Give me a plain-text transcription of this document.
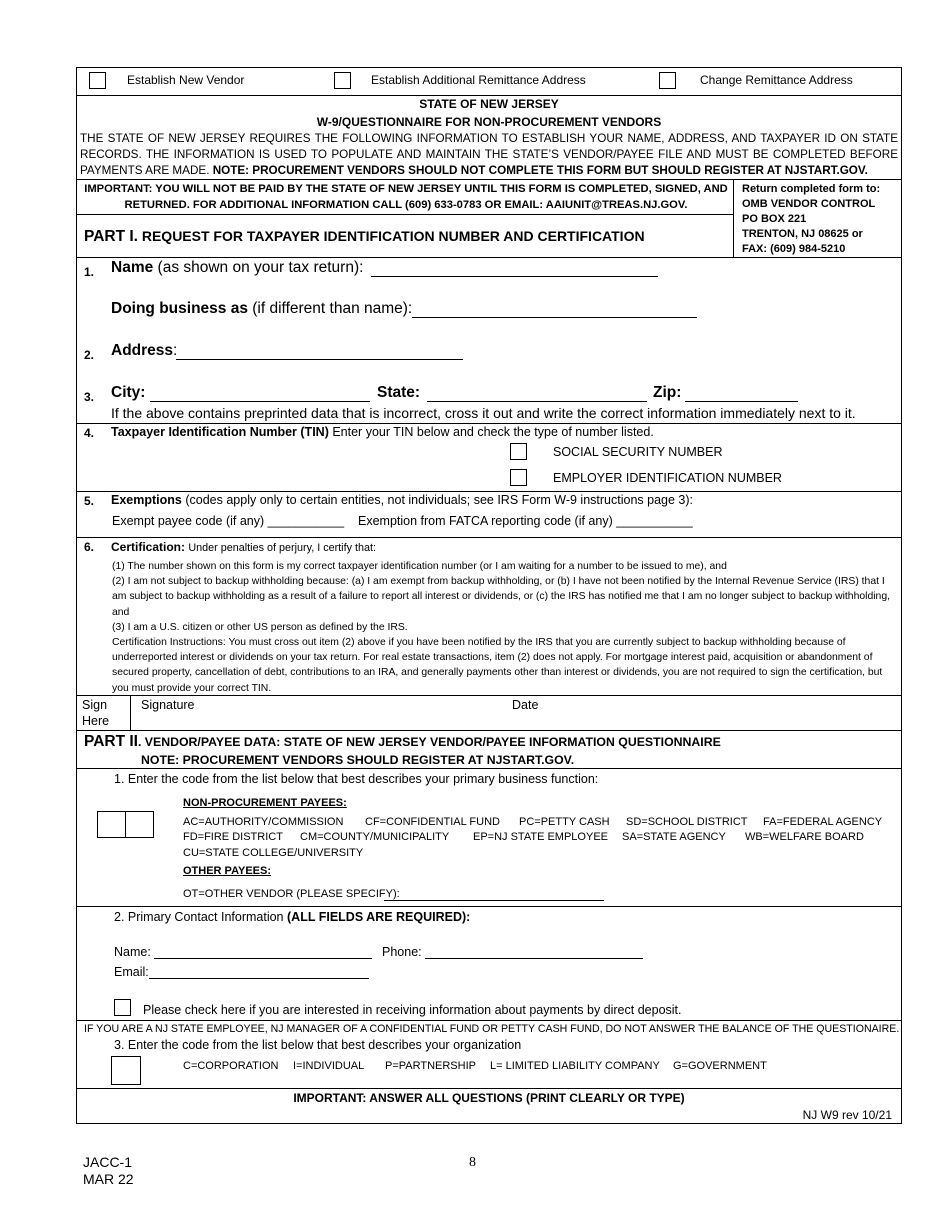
Establish New Vendor	Establish Additional Remittance Address	Change Remittance Address
STATE OF NEW JERSEY
W-9/QUESTIONNAIRE FOR NON-PROCUREMENT VENDORS
THE STATE OF NEW JERSEY REQUIRES THE FOLLOWING INFORMATION TO ESTABLISH YOUR NAME, ADDRESS, AND TAXPAYER ID ON STATE RECORDS. THE INFORMATION IS USED TO POPULATE AND MAINTAIN THE STATE’S VENDOR/PAYEE FILE AND MUST BE COMPLETED BEFORE PAYMENTS ARE MADE. NOTE: PROCUREMENT VENDORS SHOULD NOT COMPLETE THIS FORM BUT SHOULD REGISTER AT NJSTART.GOV.
IMPORTANT: YOU WILL NOT BE PAID BY THE STATE OF NEW JERSEY UNTIL THIS FORM IS COMPLETED, SIGNED, AND
RETURNED. FOR ADDITIONAL INFORMATION CALL (609) 633-0783 OR EMAIL: AAIUNIT@TREAS.NJ.GOV.
Return completed form to:
OMB VENDOR CONTROL
PO BOX 221
TRENTON, NJ 08625 or
FAX: (609) 984-5210
PART I. REQUEST FOR TAXPAYER IDENTIFICATION NUMBER AND CERTIFICATION
1. Name (as shown on your tax return):
Doing business as (if different than name):
2. Address:
3. City:	State:	Zip:
If the above contains preprinted data that is incorrect, cross it out and write the correct information immediately next to it.
4. Taxpayer Identification Number (TIN) Enter your TIN below and check the type of number listed.
SOCIAL SECURITY NUMBER
EMPLOYER IDENTIFICATION NUMBER
5. Exemptions (codes apply only to certain entities, not individuals; see IRS Form W-9 instructions page 3):
Exempt payee code (if any) ___________ Exemption from FATCA reporting code (if any) ___________
6. Certification: Under penalties of perjury, I certify that:
(1) The number shown on this form is my correct taxpayer identification number (or I am waiting for a number to be issued to me), and
(2) I am not subject to backup withholding because: (a) I am exempt from backup withholding, or (b) I have not been notified by the Internal Revenue Service (IRS) that I am subject to backup withholding as a result of a failure to report all interest or dividends, or (c) the IRS has notified me that I am no longer subject to backup withholding, and
(3) I am a U.S. citizen or other US person as defined by the IRS.
Certification Instructions: You must cross out item (2) above if you have been notified by the IRS that you are currently subject to backup withholding because of underreported interest or dividends on your tax return. For real estate transactions, item (2) does not apply. For mortgage interest paid, acquisition or abandonment of secured property, cancellation of debt, contributions to an IRA, and generally payments other than interest or dividends, you are not required to sign the certification, but you must provide your correct TIN.
Sign
Here
Signature	Date
PART II. VENDOR/PAYEE DATA: STATE OF NEW JERSEY VENDOR/PAYEE INFORMATION QUESTIONNAIRE
NOTE: PROCUREMENT VENDORS SHOULD REGISTER AT NJSTART.GOV.
1. Enter the code from the list below that best describes your primary business function:
NON-PROCUREMENT PAYEES:
AC=AUTHORITY/COMMISSION CF=CONFIDENTIAL FUND PC=PETTY CASH SD=SCHOOL DISTRICT FA=FEDERAL AGENCY
FD=FIRE DISTRICT CM=COUNTY/MUNICIPALITY EP=NJ STATE EMPLOYEE SA=STATE AGENCY WB=WELFARE BOARD
CU=STATE COLLEGE/UNIVERSITY
OTHER PAYEES:
OT=OTHER VENDOR (PLEASE SPECIFY):
2. Primary Contact Information (ALL FIELDS ARE REQUIRED):
Name:	Phone:
Email:
Please check here if you are interested in receiving information about payments by direct deposit.
IF YOU ARE A NJ STATE EMPLOYEE, NJ MANAGER OF A CONFIDENTIAL FUND OR PETTY CASH FUND, DO NOT ANSWER THE BALANCE OF THE QUESTIONAIRE.
3. Enter the code from the list below that best describes your organization
C=CORPORATION I=INDIVIDUAL P=PARTNERSHIP L= LIMITED LIABILITY COMPANY G=GOVERNMENT
IMPORTANT: ANSWER ALL QUESTIONS (PRINT CLEARLY OR TYPE)
NJ W9 rev 10/21
JACC-1
MAR 22
8
